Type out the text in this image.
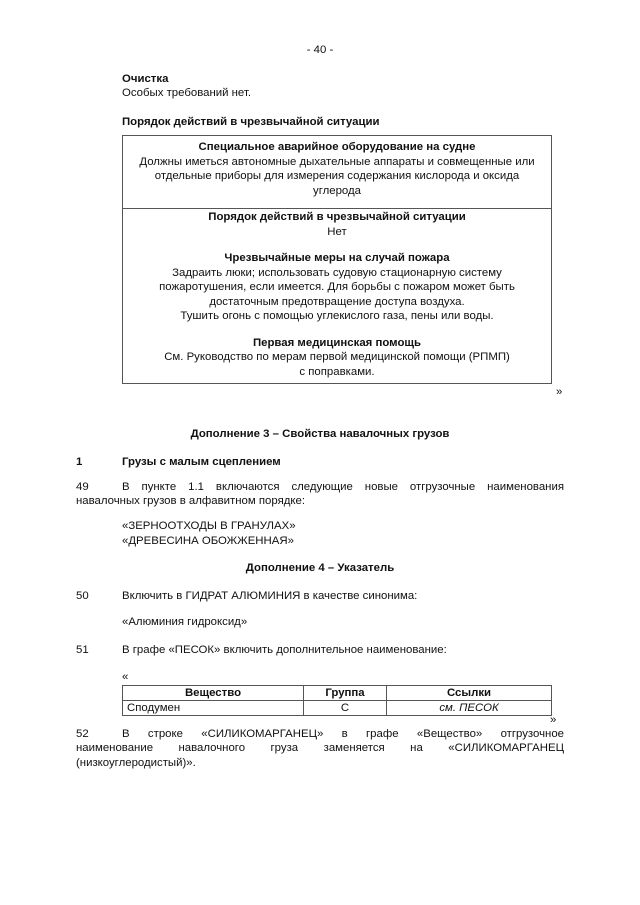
- 40 -
Очистка
Особых требований нет.
Порядок действий в чрезвычайной ситуации
Специальное аварийное оборудование на судне
Должны иметься автономные дыхательные аппараты и совмещенные или
отдельные приборы для измерения содержания кислорода и оксида
углерода
Порядок действий в чрезвычайной ситуации
Нет
Чрезвычайные меры на случай пожара
Задраить люки; использовать судовую стационарную систему
пожаротушения, если имеется. Для борьбы с пожаром может быть
достаточным предотвращение доступа воздуха.
Тушить огонь с помощью углекислого газа, пены или воды.
Первая медицинская помощь
См. Руководство по мерам первой медицинской помощи (РПМП)
с поправками.
»
Дополнение 3 – Свойства навалочных грузов
1	Грузы с малым сцеплением
49	В пункте 1.1 включаются следующие новые отгрузочные наименования
навалочных грузов в алфавитном порядке:
«ЗЕРНООТХОДЫ В ГРАНУЛАХ»
«ДРЕВЕСИНА ОБОЖЖЕННАЯ»
Дополнение 4 – Указатель
50	Включить в ГИДРАТ АЛЮМИНИЯ в качестве синонима:
«Алюминия гидроксид»
51	В графе «ПЕСОК» включить дополнительное наименование:
«
Вещество	Группа	Ссылки
Сподумен	C	см. ПЕСОК
»
52	В строке «СИЛИКОМАРГАНЕЦ» в графе «Вещество» отгрузочное
наименование навалочного груза заменяется на «СИЛИКОМАРГАНЕЦ
(низкоуглеродистый)».
